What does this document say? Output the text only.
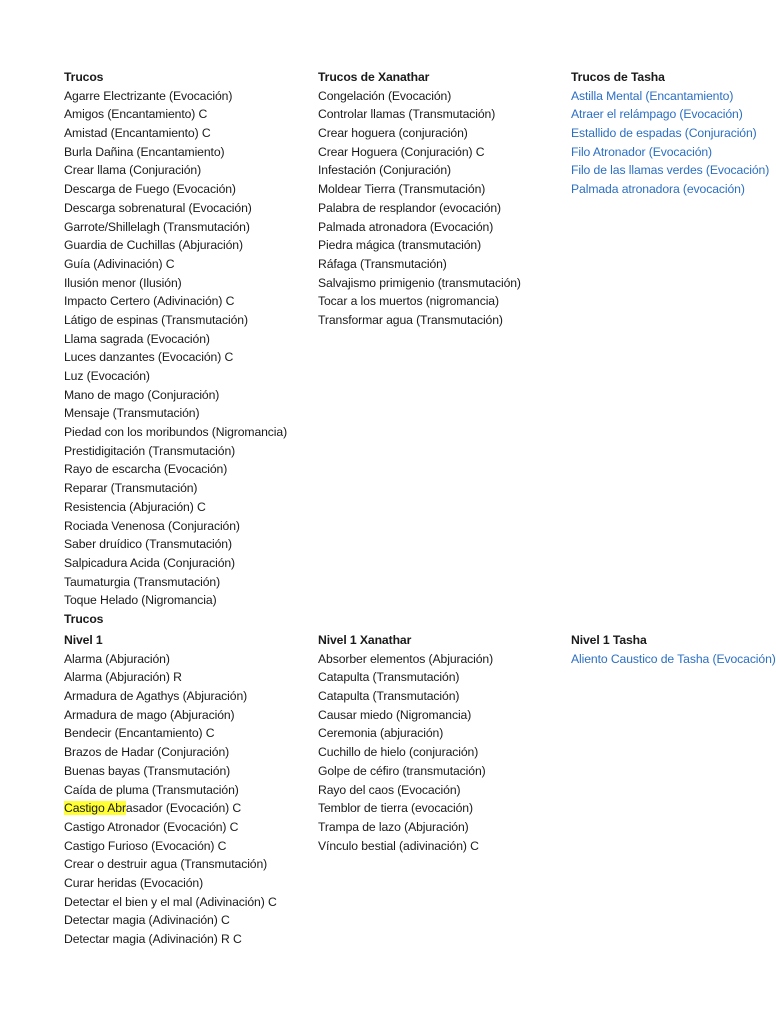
Trucos
Agarre Electrizante (Evocación)
Amigos (Encantamiento) C
Amistad (Encantamiento) C
Burla Dañina (Encantamiento)
Crear llama (Conjuración)
Descarga de Fuego (Evocación)
Descarga sobrenatural (Evocación)
Garrote/Shillelagh (Transmutación)
Guardia de Cuchillas (Abjuración)
Guía (Adivinación) C
Ilusión menor (Ilusión)
Impacto Certero (Adivinación) C
Látigo de espinas (Transmutación)
Llama sagrada (Evocación)
Luces danzantes (Evocación) C
Luz (Evocación)
Mano de mago (Conjuración)
Mensaje (Transmutación)
Piedad con los moribundos (Nigromancia)
Prestidigitación (Transmutación)
Rayo de escarcha (Evocación)
Reparar (Transmutación)
Resistencia (Abjuración) C
Rociada Venenosa (Conjuración)
Saber druídico (Transmutación)
Salpicadura Acida (Conjuración)
Taumaturgia (Transmutación)
Toque Helado (Nigromancia)
Trucos
Trucos de Xanathar
Congelación (Evocación)
Controlar llamas (Transmutación)
Crear hoguera (conjuración)
Crear Hoguera (Conjuración) C
Infestación (Conjuración)
Moldear Tierra (Transmutación)
Palabra de resplandor (evocación)
Palmada atronadora (Evocación)
Piedra mágica (transmutación)
Ráfaga (Transmutación)
Salvajismo primigenio (transmutación)
Tocar a los muertos (nigromancia)
Transformar agua (Transmutación)
Trucos de Tasha
Astilla Mental (Encantamiento)
Atraer el relámpago (Evocación)
Estallido de espadas (Conjuración)
Filo Atronador (Evocación)
Filo de las llamas verdes (Evocación)
Palmada atronadora (evocación)
Nivel 1
Alarma (Abjuración)
Alarma (Abjuración) R
Armadura de Agathys (Abjuración)
Armadura de mago (Abjuración)
Bendecir (Encantamiento) C
Brazos de Hadar (Conjuración)
Buenas bayas (Transmutación)
Caída de pluma (Transmutación)
Castigo Abrasador (Evocación) C
Castigo Atronador (Evocación) C
Castigo Furioso (Evocación) C
Crear o destruir agua (Transmutación)
Curar heridas (Evocación)
Detectar el bien y el mal (Adivinación) C
Detectar magia (Adivinación) C
Detectar magia (Adivinación) R C
Nivel 1 Xanathar
Absorber elementos (Abjuración)
Catapulta (Transmutación)
Catapulta (Transmutación)
Causar miedo (Nigromancia)
Ceremonia (abjuración)
Cuchillo de hielo (conjuración)
Golpe de céfiro (transmutación)
Rayo del caos (Evocación)
Temblor de tierra (evocación)
Trampa de lazo (Abjuración)
Vínculo bestial (adivinación) C
Nivel 1 Tasha
Aliento Caustico de Tasha (Evocación)
